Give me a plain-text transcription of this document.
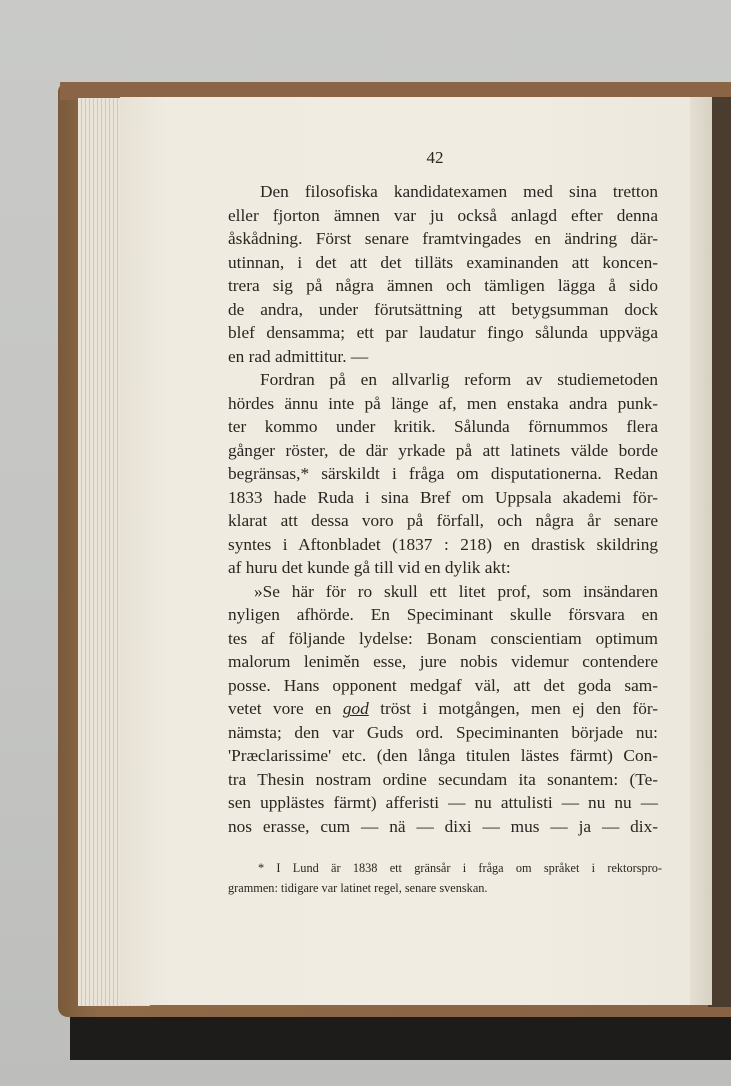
42
Den filosofiska kandidatexamen med sina tretton
eller fjorton ämnen var ju också anlagd efter denna
åskådning. Först senare framtvingades en ändring där-
utinnan, i det att det tilläts examinanden att koncen-
trera sig på några ämnen och tämligen lägga å sido
de andra, under förutsättning att betygsumman dock
blef densamma; ett par laudatur fingo sålunda uppväga
en rad admittitur. —
Fordran på en allvarlig reform av studiemetoden
hördes ännu inte på länge af, men enstaka andra punk-
ter kommo under kritik. Sålunda förnummos flera
gånger röster, de där yrkade på att latinets välde borde
begränsas,* särskildt i fråga om disputationerna. Redan
1833 hade Ruda i sina Bref om Uppsala akademi för-
klarat att dessa voro på förfall, och några år senare
syntes i Aftonbladet (1837 : 218) en drastisk skildring
af huru det kunde gå till vid en dylik akt:
»Se här för ro skull ett litet prof, som insändaren
nyligen afhörde. En Speciminant skulle försvara en
tes af följande lydelse: Bonam conscientiam optimum
malorum leniměn esse, jure nobis videmur contendere
posse. Hans opponent medgaf väl, att det goda sam-
vetet vore en god tröst i motgången, men ej den för-
nämsta; den var Guds ord. Speciminanten började nu:
'Præclarissime' etc. (den långa titulen lästes färmt) Con-
tra Thesin nostram ordine secundam ita sonantem: (Te-
sen upplästes färmt) afferisti — nu attulisti — nu nu —
nos erasse, cum — nä — dixi — mus — ja — dix-
* I Lund är 1838 ett gränsår i fråga om språket i rektorspro-
grammen: tidigare var latinet regel, senare svenskan.
